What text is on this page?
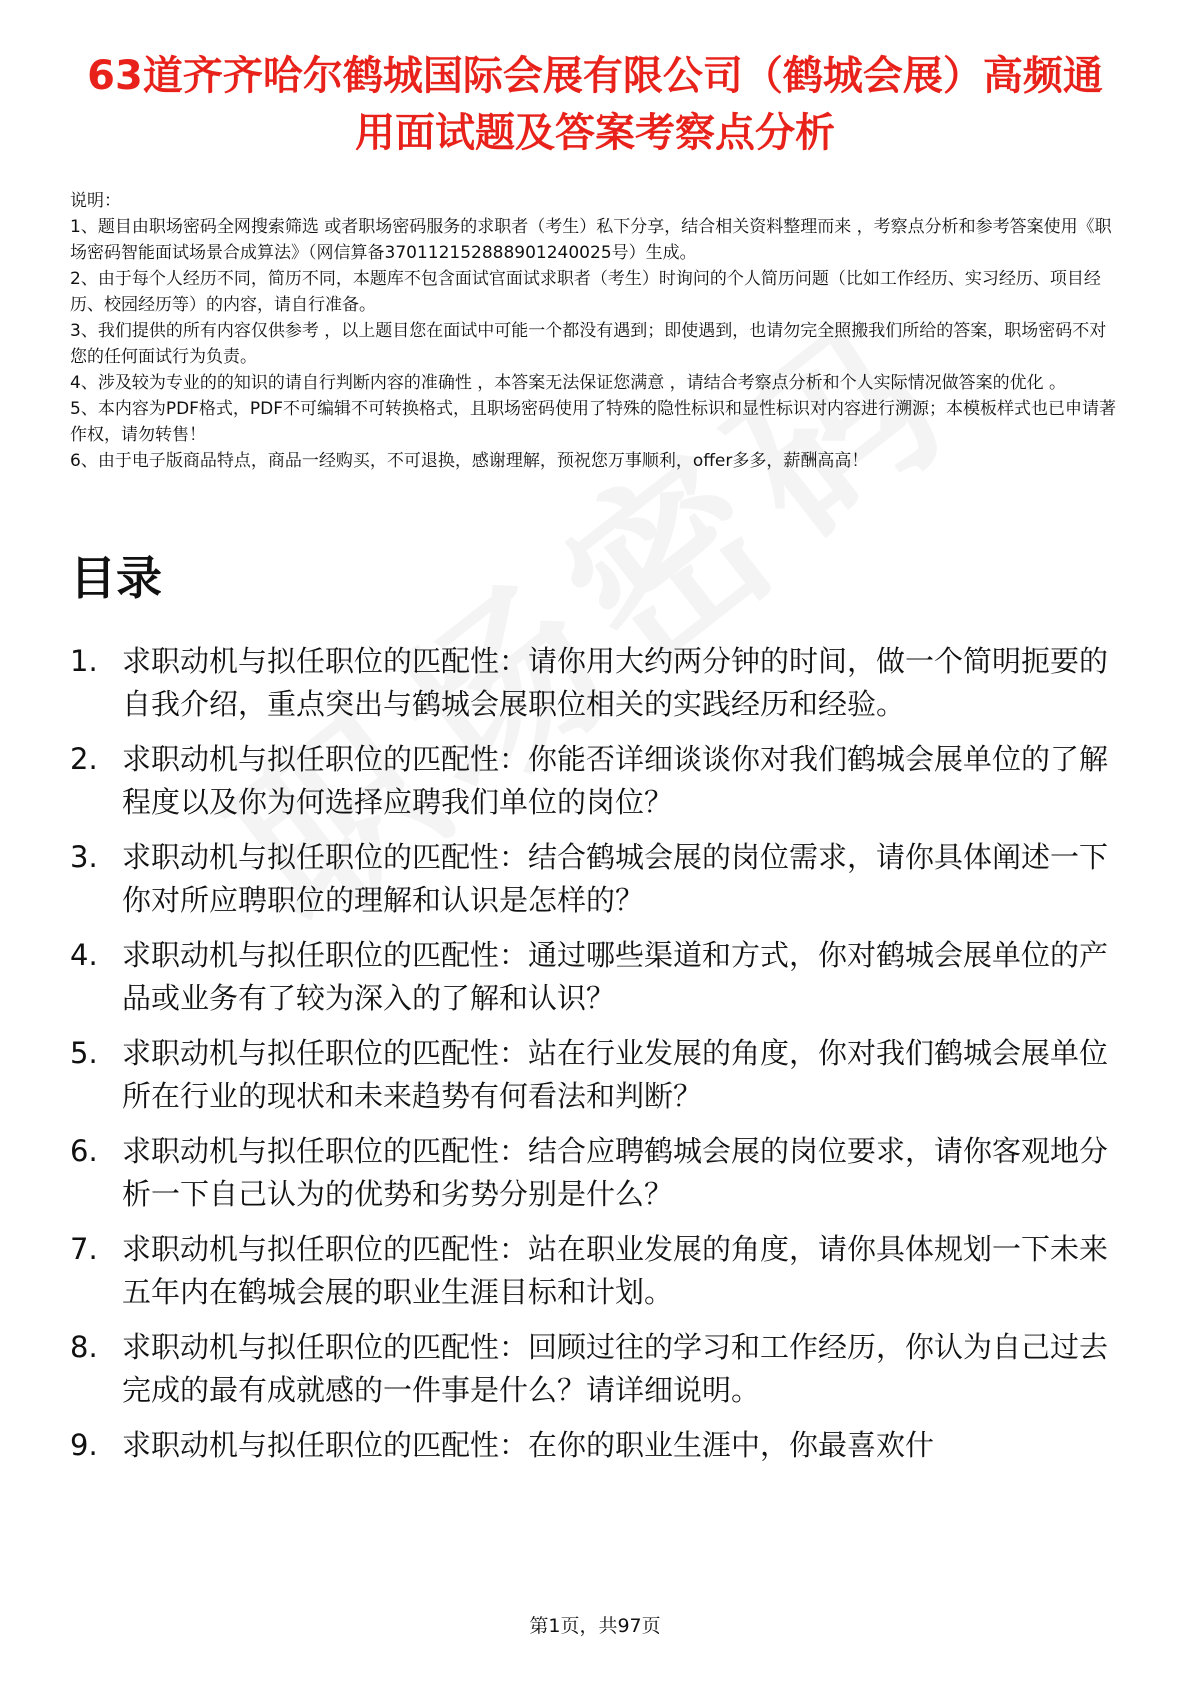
63道齐齐哈尔鹤城国际会展有限公司（鹤城会展）高频通用面试题及答案考察点分析

说明：

1、题目由职场密码全网搜索筛选 或者职场密码服务的求职者（考生）私下分享，结合相关资料整理而来 ，考察点分析和参考答案使用《职场密码智能面试场景合成算法》（网信算备370112152888901240025号）生成。

2、由于每个人经历不同，简历不同，本题库不包含面试官面试求职者（考生）时询问的个人简历问题（比如工作经历、实习经历、项目经历、校园经历等）的内容，请自行准备。

3、我们提供的所有内容仅供参考 ，以上题目您在面试中可能一个都没有遇到；即使遇到，也请勿完全照搬我们所给的答案，职场密码不对您的任何面试行为负责。

4、涉及较为专业的的知识的请自行判断内容的准确性 ，本答案无法保证您满意 ，请结合考察点分析和个人实际情况做答案的优化 。

5、本内容为PDF格式，PDF不可编辑不可转换格式，且职场密码使用了特殊的隐性标识和显性标识对内容进行溯源；本模板样式也已申请著作权，请勿转售！

6、由于电子版商品特点，商品一经购买，不可退换，感谢理解，预祝您万事顺利，offer多多，薪酬高高！

目录
1. 求职动机与拟任职位的匹配性：请你用大约两分钟的时间，做一个简明扼要的自我介绍，重点突出与鹤城会展职位相关的实践经历和经验。
2. 求职动机与拟任职位的匹配性：你能否详细谈谈你对我们鹤城会展单位的了解程度以及你为何选择应聘我们单位的岗位？
3. 求职动机与拟任职位的匹配性：结合鹤城会展的岗位需求，请你具体阐述一下你对所应聘职位的理解和认识是怎样的？
4. 求职动机与拟任职位的匹配性：通过哪些渠道和方式，你对鹤城会展单位的产品或业务有了较为深入的了解和认识？
5. 求职动机与拟任职位的匹配性：站在行业发展的角度，你对我们鹤城会展单位所在行业的现状和未来趋势有何看法和判断？
6. 求职动机与拟任职位的匹配性：结合应聘鹤城会展的岗位要求，请你客观地分析一下自己认为的优势和劣势分别是什么？
7. 求职动机与拟任职位的匹配性：站在职业发展的角度，请你具体规划一下未来五年内在鹤城会展的职业生涯目标和计划。
8. 求职动机与拟任职位的匹配性：回顾过往的学习和工作经历，你认为自己过去完成的最有成就感的一件事是什么？请详细说明。
9. 求职动机与拟任职位的匹配性：在你的职业生涯中，你最喜欢什
第1页，共97页
